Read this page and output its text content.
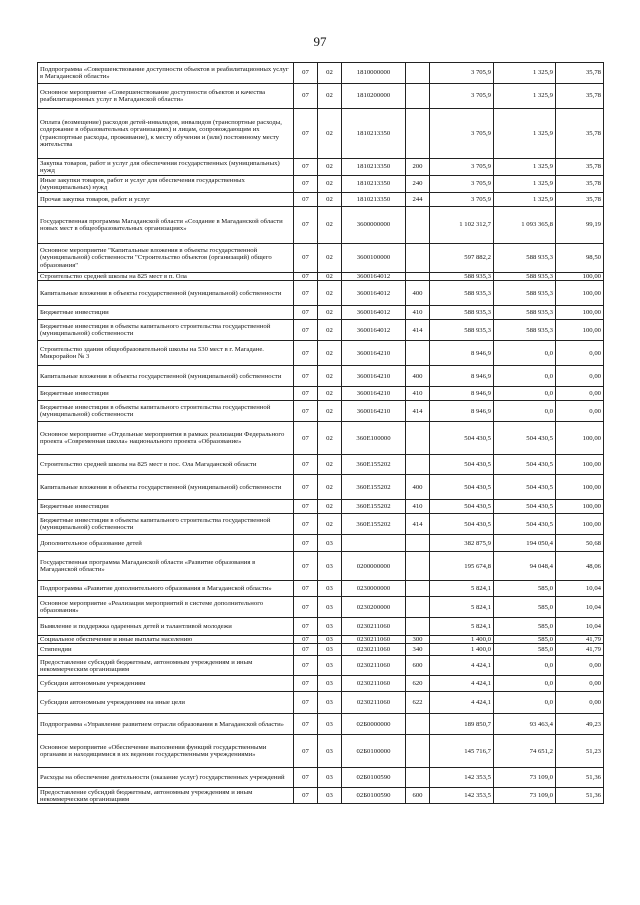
97
Подпрограмма «Совершенствование доступности объектов и реабилитационных услуг в Магаданской области»	07	02	1810000000		3 705,9	1 325,9	35,78
Основное мероприятие «Совершенствование доступности объектов и качества реабилитационных услуг в Магаданской области»	07	02	1810200000		3 705,9	1 325,9	35,78
Оплата (возмещение) расходов детей-инвалидов, инвалидов (транспортные расходы, содержание в образовательных организациях) и лицам, сопровождающим их (транспортные расходы, проживание), к месту обучения и (или) постоянному месту жительства	07	02	1810213350		3 705,9	1 325,9	35,78
Закупка товаров, работ и услуг для обеспечения государственных (муниципальных) нужд	07	02	1810213350	200	3 705,9	1 325,9	35,78
Иные закупки товаров, работ и услуг для обеспечения государственных (муниципальных) нужд	07	02	1810213350	240	3 705,9	1 325,9	35,78
Прочая закупка товаров, работ и услуг	07	02	1810213350	244	3 705,9	1 325,9	35,78
Государственная программа Магаданской области «Создание в Магаданской области новых мест в общеобразовательных организациях»	07	02	3600000000		1 102 312,7	1 093 365,8	99,19
Основное мероприятие "Капитальные вложения в объекты государственной (муниципальной) собственности "Строительство объектов (организаций) общего образования"	07	02	3600100000		597 882,2	588 935,3	98,50
Строительство средней школы на 825 мест в п. Ола	07	02	3600164012		588 935,3	588 935,3	100,00
Капитальные вложения в объекты государственной (муниципальной) собственности	07	02	3600164012	400	588 935,3	588 935,3	100,00
Бюджетные инвестиции	07	02	3600164012	410	588 935,3	588 935,3	100,00
Бюджетные инвестиции в объекты капитального строительства государственной (муниципальной) собственности	07	02	3600164012	414	588 935,3	588 935,3	100,00
Строительство здания общеобразовательной школы на 530 мест в г. Магадане. Микрорайон № 3	07	02	3600164210		8 946,9	0,0	0,00
Капитальные вложения в объекты государственной (муниципальной) собственности	07	02	3600164210	400	8 946,9	0,0	0,00
Бюджетные инвестиции	07	02	3600164210	410	8 946,9	0,0	0,00
Бюджетные инвестиции в объекты капитального строительства государственной (муниципальной) собственности	07	02	3600164210	414	8 946,9	0,0	0,00
Основное мероприятие «Отдельные мероприятия в рамках реализации Федерального проекта «Современная школа» национального проекта «Образование»	07	02	360E100000		504 430,5	504 430,5	100,00
Строительство средней школы на 825 мест в пос. Ола Магаданской области	07	02	360E155202		504 430,5	504 430,5	100,00
Капитальные вложения в объекты государственной (муниципальной) собственности	07	02	360E155202	400	504 430,5	504 430,5	100,00
Бюджетные инвестиции	07	02	360E155202	410	504 430,5	504 430,5	100,00
Бюджетные инвестиции в объекты капитального строительства государственной (муниципальной) собственности	07	02	360E155202	414	504 430,5	504 430,5	100,00
Дополнительное образование детей	07	03			382 875,9	194 050,4	50,68
Государственная программа Магаданской области «Развитие образования в Магаданской области»	07	03	0200000000		195 674,8	94 048,4	48,06
Подпрограмма «Развитие дополнительного образования в Магаданской области»	07	03	0230000000		5 824,1	585,0	10,04
Основное мероприятие «Реализация мероприятий в системе дополнительного образования»	07	03	0230200000		5 824,1	585,0	10,04
Выявление и поддержка одаренных детей и талантливой молодежи	07	03	0230211060		5 824,1	585,0	10,04
Социальное обеспечение и иные выплаты населению	07	03	0230211060	300	1 400,0	585,0	41,79
Стипендии	07	03	0230211060	340	1 400,0	585,0	41,79
Предоставление субсидий бюджетным, автономным учреждениям и иным некоммерческим организациям	07	03	0230211060	600	4 424,1	0,0	0,00
Субсидии автономным учреждениям	07	03	0230211060	620	4 424,1	0,0	0,00
Субсидии автономным учреждениям на иные цели	07	03	0230211060	622	4 424,1	0,0	0,00
Подпрограмма «Управление развитием отрасли образования в Магаданской области»	07	03	02Б0000000		189 850,7	93 463,4	49,23
Основное мероприятие «Обеспечение выполнения функций государственными органами и находящимися в их ведении государственными учреждениями»	07	03	02Б0100000		145 716,7	74 651,2	51,23
Расходы на обеспечение деятельности (оказание услуг) государственных учреждений	07	03	02Б0100590		142 353,5	73 109,0	51,36
Предоставление субсидий бюджетным, автономным учреждениям и иным некоммерческим организациям	07	03	02Б0100590	600	142 353,5	73 109,0	51,36
